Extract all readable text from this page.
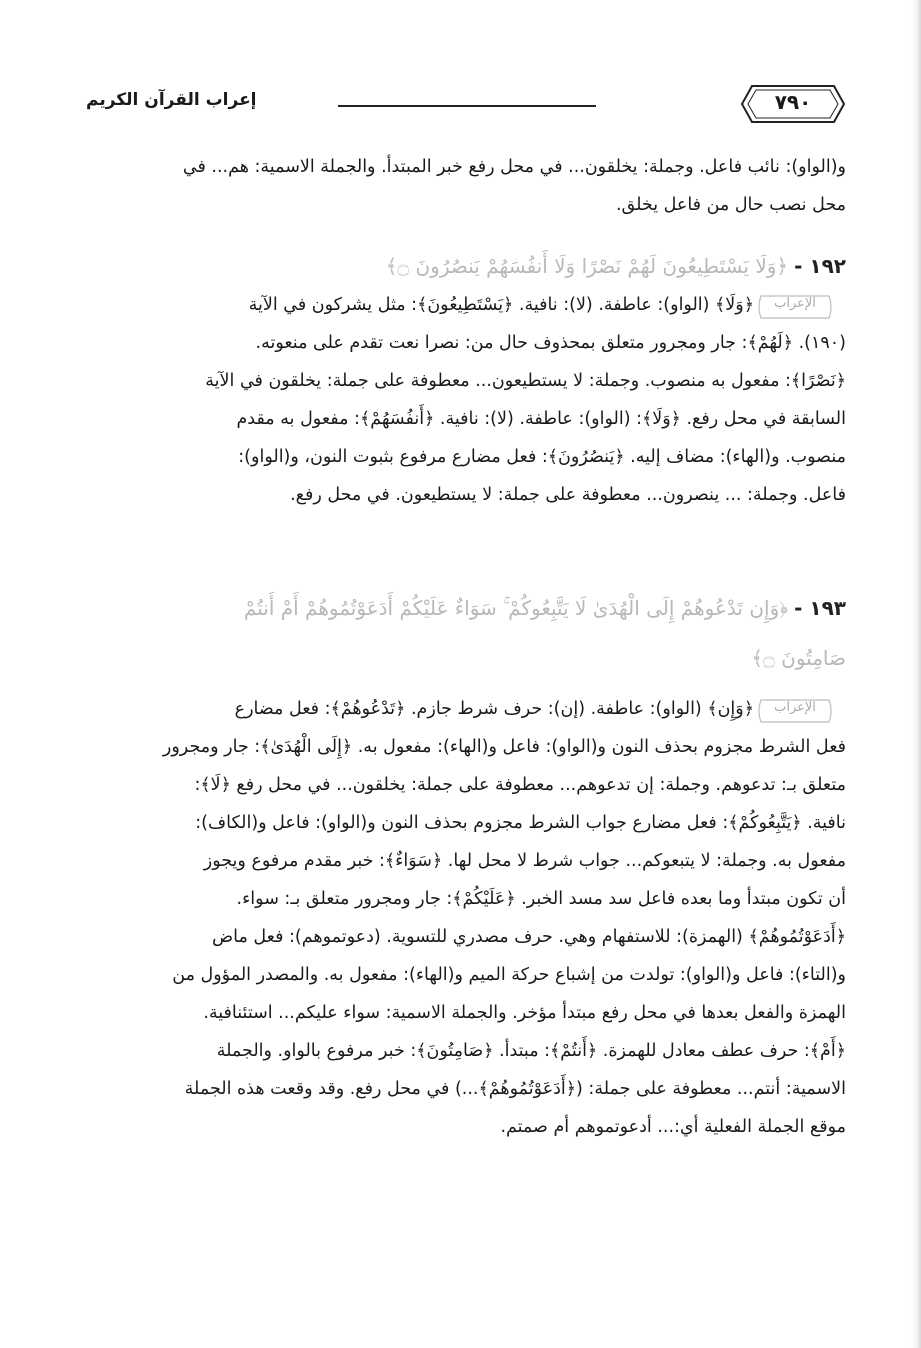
٧٩٠
إعراب القرآن الكريم
و(الواو): نائب فاعل. وجملة: يخلقون... في محل رفع خبر المبتدأ. والجملة الاسمية: هم... في
محل نصب حال من فاعل يخلق.
١٩٢ -﴿وَلَا يَسْتَطِيعُونَ لَهُمْ نَصْرًا وَلَا أَنفُسَهُمْ يَنصُرُونَ ۝﴾
الإعراب
﴿وَلَا﴾ (الواو): عاطفة. (لا): نافية. ﴿يَسْتَطِيعُونَ﴾: مثل يشركون في الآية
(١٩٠). ﴿لَهُمْ﴾: جار ومجرور متعلق بمحذوف حال من: نصرا نعت تقدم على منعوته.
﴿نَصْرًا﴾: مفعول به منصوب. وجملة: لا يستطيعون... معطوفة على جملة: يخلقون في الآية
السابقة في محل رفع. ﴿وَلَا﴾: (الواو): عاطفة. (لا): نافية. ﴿أَنفُسَهُمْ﴾: مفعول به مقدم
منصوب. و(الهاء): مضاف إليه. ﴿يَنصُرُونَ﴾: فعل مضارع مرفوع بثبوت النون، و(الواو):
فاعل. وجملة: ... ينصرون... معطوفة على جملة: لا يستطيعون. في محل رفع.
١٩٣ -﴿وَإِن تَدْعُوهُمْ إِلَى الْهُدَىٰ لَا يَتَّبِعُوكُمْ ۚ سَوَاءٌ عَلَيْكُمْ أَدَعَوْتُمُوهُمْ أَمْ أَنتُمْ
صَامِتُونَ ۝﴾
الإعراب
﴿وَإِن﴾ (الواو): عاطفة. (إن): حرف شرط جازم. ﴿تَدْعُوهُمْ﴾: فعل مضارع
فعل الشرط مجزوم بحذف النون و(الواو): فاعل و(الهاء): مفعول به. ﴿إِلَى الْهُدَىٰ﴾: جار ومجرور
متعلق بـ: تدعوهم. وجملة: إن تدعوهم... معطوفة على جملة: يخلقون... في محل رفع ﴿لَا﴾:
نافية. ﴿يَتَّبِعُوكُمْ﴾: فعل مضارع جواب الشرط مجزوم بحذف النون و(الواو): فاعل و(الكاف):
مفعول به. وجملة: لا يتبعوكم... جواب شرط لا محل لها. ﴿سَوَاءٌ﴾: خبر مقدم مرفوع ويجوز
أن تكون مبتدأ وما بعده فاعل سد مسد الخبر. ﴿عَلَيْكُمْ﴾: جار ومجرور متعلق بـ: سواء.
﴿أَدَعَوْتُمُوهُمْ﴾ (الهمزة): للاستفهام وهي. حرف مصدري للتسوية. (دعوتموهم): فعل ماض
و(التاء): فاعل و(الواو): تولدت من إشباع حركة الميم و(الهاء): مفعول به. والمصدر المؤول من
الهمزة والفعل بعدها في محل رفع مبتدأ مؤخر. والجملة الاسمية: سواء عليكم... استئنافية.
﴿أَمْ﴾: حرف عطف معادل للهمزة. ﴿أَنتُمْ﴾: مبتدأ. ﴿صَامِتُونَ﴾: خبر مرفوع بالواو. والجملة
الاسمية: أنتم... معطوفة على جملة: (﴿أَدَعَوْتُمُوهُمْ﴾...) في محل رفع. وقد وقعت هذه الجملة
موقع الجملة الفعلية أي:... أدعوتموهم أم صمتم.
